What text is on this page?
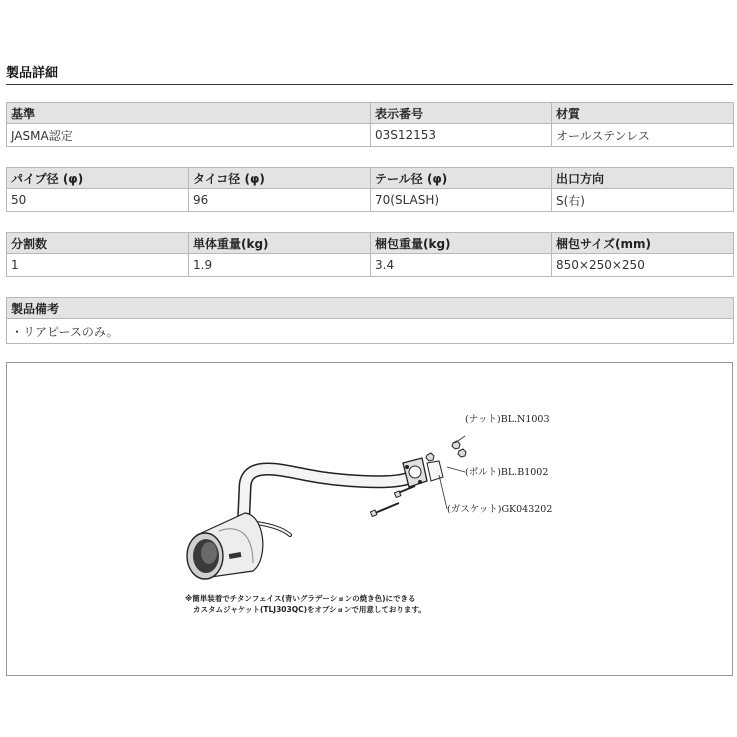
製品詳細
基準	表示番号	材質
JASMA認定	03S12153	オールステンレス
パイプ径 (φ)	タイコ径 (φ)	テール径 (φ)	出口方向
50	96	70(SLASH)	S(右)
分割数	単体重量(kg)	梱包重量(kg)	梱包サイズ(mm)
1	1.9	3.4	850×250×250
製品備考
・リアピースのみ。
(ナット)BL.N1003
(ボルト)BL.B1002
(ガスケット)GK043202
※簡単装着でチタンフェイス(青いグラデーションの焼き色)にできる
カスタムジャケット(TLJ303QC)をオプションで用意しております。
